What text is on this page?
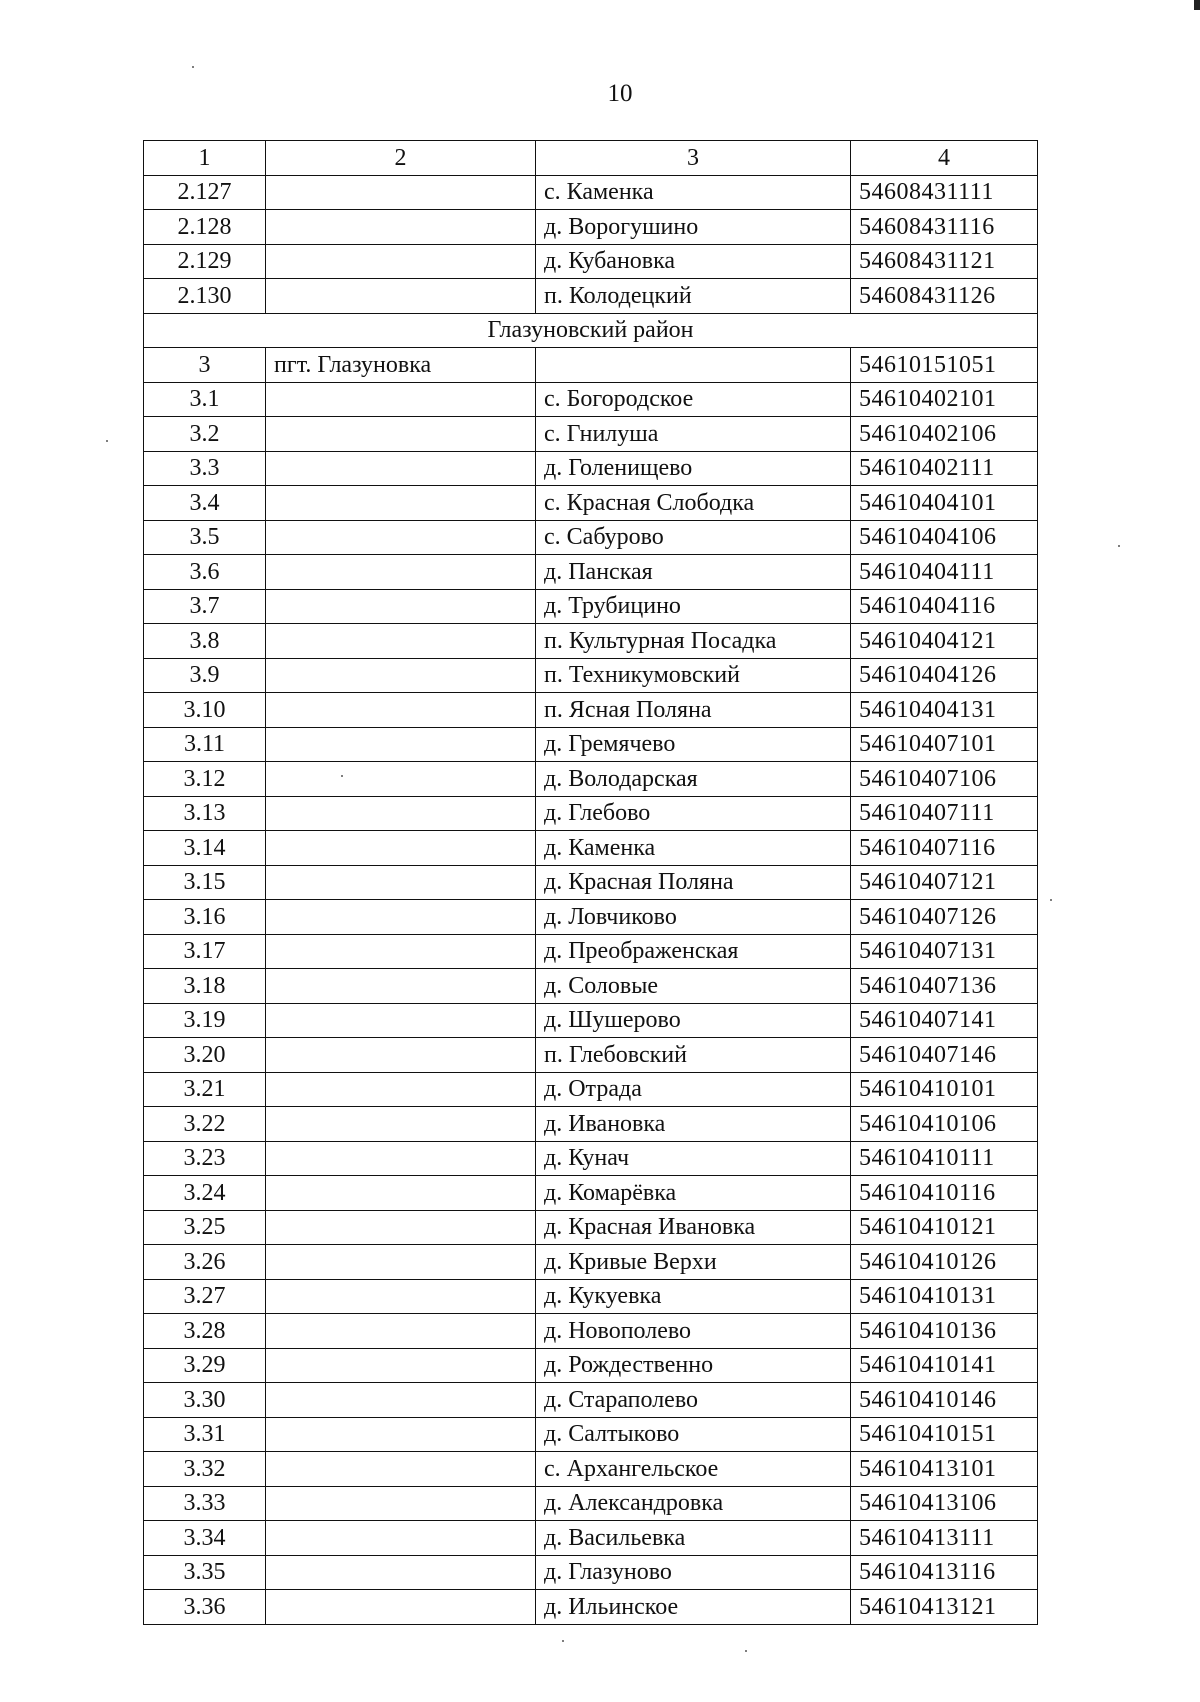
10
1	2	3	4
2.127		с. Каменка	54608431111
2.128		д. Ворогушино	54608431116
2.129		д. Кубановка	54608431121
2.130		п. Колодецкий	54608431126
Глазуновский район			
3	пгт. Глазуновка		54610151051
3.1		с. Богородское	54610402101
3.2		с. Гнилуша	54610402106
3.3		д. Голенищево	54610402111
3.4		с. Красная Слободка	54610404101
3.5		с. Сабурово	54610404106
3.6		д. Панская	54610404111
3.7		д. Трубицино	54610404116
3.8		п. Культурная Посадка	54610404121
3.9		п. Техникумовский	54610404126
3.10		п. Ясная Поляна	54610404131
3.11		д. Гремячево	54610407101
3.12		д. Володарская	54610407106
3.13		д. Глебово	54610407111
3.14		д. Каменка	54610407116
3.15		д. Красная Поляна	54610407121
3.16		д. Ловчиково	54610407126
3.17		д. Преображенская	54610407131
3.18		д. Соловые	54610407136
3.19		д. Шушерово	54610407141
3.20		п. Глебовский	54610407146
3.21		д. Отрада	54610410101
3.22		д. Ивановка	54610410106
3.23		д. Кунач	54610410111
3.24		д. Комарёвка	54610410116
3.25		д. Красная Ивановка	54610410121
3.26		д. Кривые Верхи	54610410126
3.27		д. Кукуевка	54610410131
3.28		д. Новополево	54610410136
3.29		д. Рождественно	54610410141
3.30		д. Стараполево	54610410146
3.31		д. Салтыково	54610410151
3.32		с. Архангельское	54610413101
3.33		д. Александровка	54610413106
3.34		д. Васильевка	54610413111
3.35		д. Глазуново	54610413116
3.36		д. Ильинское	54610413121
